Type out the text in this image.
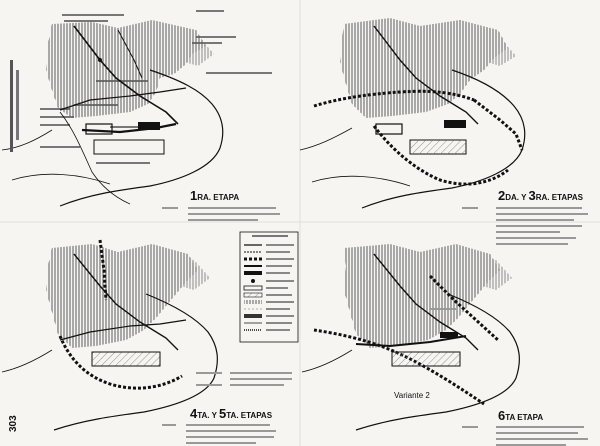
1RA. ETAPA	2DA. Y 3RA. ETAPAS
4TA. Y 5TA. ETAPAS
Variante 2
6TA ETAPA
303
